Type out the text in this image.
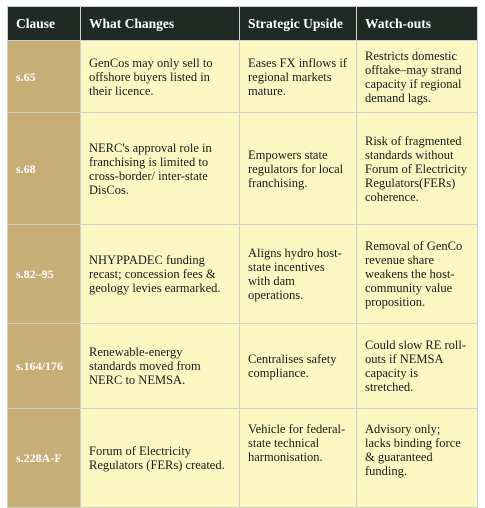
Clause	What Changes	Strategic Upside	Watch-outs
s.65	GenCos may only sell to offshore buyers listed in their licence.	Eases FX inflows if regional markets mature.	Restricts domestic offtake–may strand capacity if regional demand lags.
s.68	NERC's approval role in franchising is limited to cross-border/ inter-state DisCos.	Empowers state regulators for local franchising.	Risk of fragmented standards without Forum of Electricity Regulators(FERs) coherence.
s.82–95	NHYPPADEC funding recast; concession fees & geology levies earmarked.	Aligns hydro host-state incentives with dam operations.	Removal of GenCo revenue share weakens the host-community value proposition.
s.164/176	Renewable-energy standards moved from NERC to NEMSA.	Centralises safety compliance.	Could slow RE roll-outs if NEMSA capacity is stretched.
s.228A-F	Forum of Electricity Regulators (FERs) created.	Vehicle for federal-state technical harmonisation.	Advisory only; lacks binding force & guaranteed funding.
